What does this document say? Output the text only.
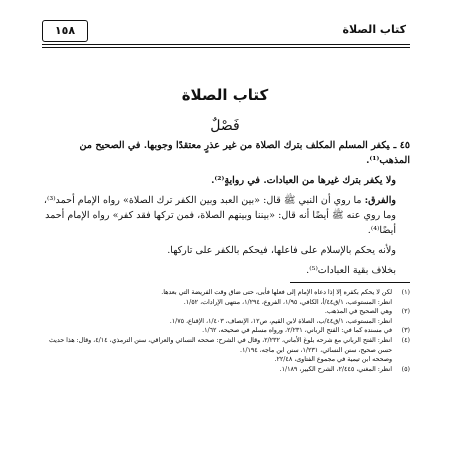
كتاب الصلاة
١٥٨
كتاب الصلاة
فَصْلٌ

٤٥ ـيكفر المسلم المكلف بترك الصلاة من غير عذرٍ معتقدًا وجوبها. في الصحيح من المذهب⁽¹⁾.

ولا يكفر بترك غيرها من العبادات. في روايةٍ⁽²⁾.

والفرق: ما روي أن النبي ﷺ قال: «بين العبد وبين الكفر ترك الصلاة» رواه الإمام أحمد⁽³⁾، وما روي عنه ﷺ أيضًا أنه قال: «بيننا وبينهم الصلاة، فمن تركها فقد كفر» رواه الإمام أحمد أيضًا⁽⁴⁾.

ولأنه يحكم بالإسلام على فاعلها، فيحكم بالكفر على تاركها.

بخلاف بقية العبادات⁽⁵⁾.

(١)
لكن لا يحكم بكفره إلا إذا دعاه الإمام إلى فعلها فأبى، حتى ضاق وقت الفريضة التي بعدها.
انظر: المستوعب، ١/ق٤٤/أ، الكافي، ١/٩٥، الفروع، ١/٢٩٤، منتهى الإرادات، ١/٥٢.
(٢)
وهي الصحيح في المذهب.
انظر: المستوعب، ١/ق٤٤/ب، الصلاة لابن القيم، ص١٢، الإنصاف، ١/٤٠٣، الإقناع، ١/٧٥.
(٣)
في مسنده كما في: الفتح الرباني، ٢/٢٣١، ورواه مسلم في صحيحه، ١/٦٢.
(٤)
انظر: الفتح الرباني مع شرحه بلوغ الأماني، ٢/٢٣٢، وقال في الشرح: صححه النسائي والعراقي، سنن الترمذي، ٤/١٤، وقال: هذا حديث حسن صحيح، سنن النسائي، ١/٢٣١، سنن ابن ماجه، ١/١٩٤.
وصححه ابن تيمية في مجموع الفتاوى، ٢٢/٤٨.
(٥)
انظر: المغني، ٢/٤٤٥، الشرح الكبير، ١/١٨٩.
